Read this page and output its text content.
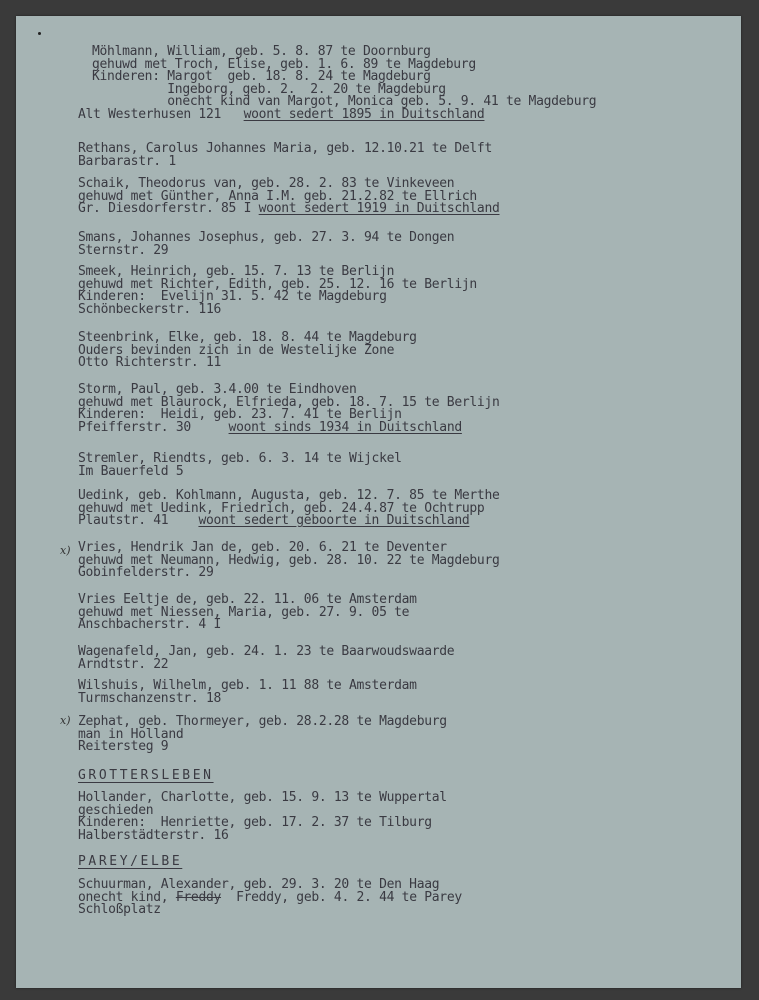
Möhlmann, William, geb. 5. 8. 87 te Doornburg
gehuwd met Troch, Elise, geb. 1. 6. 89 te Magdeburg
Kinderen: Margot  geb. 18. 8. 24 te Magdeburg
Ingeborg, geb. 2.  2. 20 te Magdeburg
onecht kind van Margot, Monica geb. 5. 9. 41 te Magdeburg
Alt Westerhusen 121 woont sedert 1895 in Duitschland
Rethans, Carolus Johannes Maria, geb. 12.10.21 te Delft
Barbarastr. 1
Schaik, Theodorus van, geb. 28. 2. 83 te Vinkeveen
gehuwd met Günther, Anna I.M. geb. 21.2.82 te Ellrich
Gr. Diesdorferstr. 85 I woont sedert 1919 in Duitschland
Smans, Johannes Josephus, geb. 27. 3. 94 te Dongen
Sternstr. 29
Smeek, Heinrich, geb. 15. 7. 13 te Berlijn
gehuwd met Richter, Edith, geb. 25. 12. 16 te Berlijn
Kinderen:  Evelijn 31. 5. 42 te Magdeburg
Schönbeckerstr. 116
Steenbrink, Elke, geb. 18. 8. 44 te Magdeburg
Ouders bevinden zich in de Westelijke Zone
Otto Richterstr. 11
Storm, Paul, geb. 3.4.00 te Eindhoven
gehuwd met Blaurock, Elfrieda, geb. 18. 7. 15 te Berlijn
Kinderen:  Heidi, geb. 23. 7. 41 te Berlijn
Pfeifferstr. 30	woont sinds 1934 in Duitschland
Stremler, Riendts, geb. 6. 3. 14 te Wijckel
Im Bauerfeld 5
Uedink, geb. Kohlmann, Augusta, geb. 12. 7. 85 te Merthe
gehuwd met Uedink, Friedrich, geb. 24.4.87 te Ochtrupp
Plautstr. 41 woont sedert geboorte in Duitschland
x) Vries, Hendrik Jan de, geb. 20. 6. 21 te Deventer
gehuwd met Neumann, Hedwig, geb. 28. 10. 22 te Magdeburg
Gobinfelderstr. 29
Vries Eeltje de, geb. 22. 11. 06 te Amsterdam
gehuwd met Niessen, Maria, geb. 27. 9. 05 te
Anschbacherstr. 4 I
Wagenafeld, Jan, geb. 24. 1. 23 te Baarwoudswaarde
Arndtstr. 22
Wilshuis, Wilhelm, geb. 1. 11 88 te Amsterdam
Turmschanzenstr. 18
x) Zephat, geb. Thormeyer, geb. 28.2.28 te Magdeburg
man in Holland
Reitersteg 9
GROTTERSLEBEN
Hollander, Charlotte, geb. 15. 9. 13 te Wuppertal
geschieden
Kinderen:  Henriette, geb. 17. 2. 37 te Tilburg
Halberstädterstr. 16
PAREY/ELBE
Schuurman, Alexander, geb. 29. 3. 20 te Den Haag
onecht kind, Freddy  Freddy, geb. 4. 2. 44 te Parey
Schloßplatz
